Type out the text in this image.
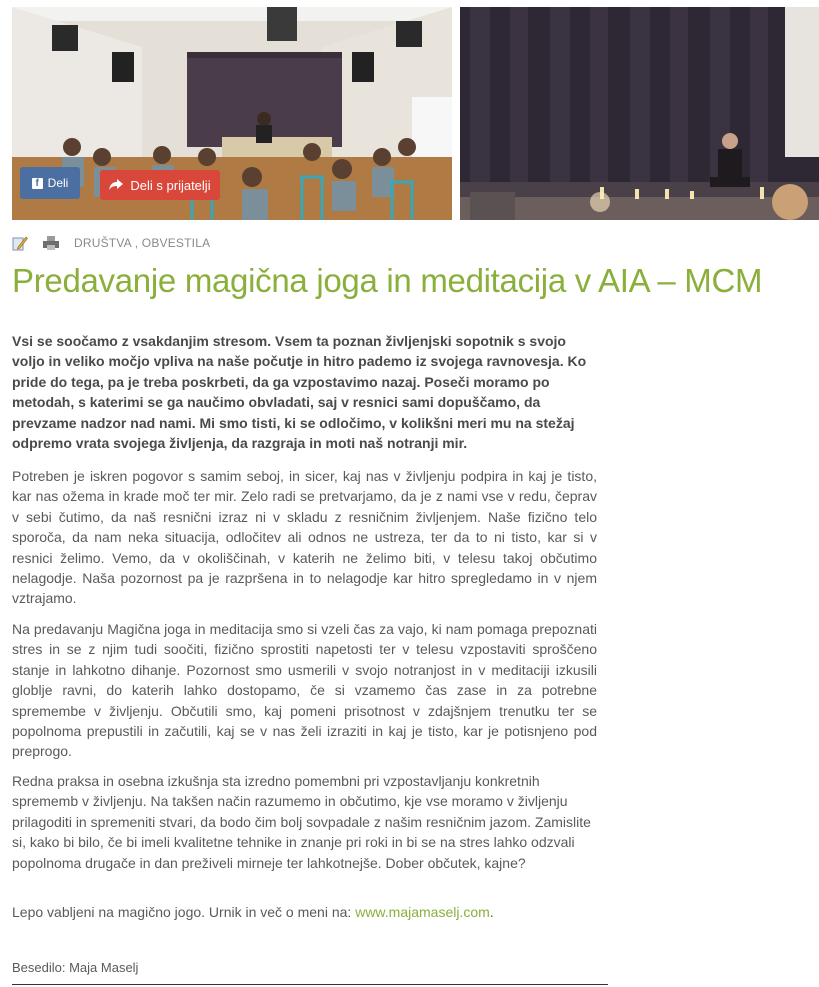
f Deli	Deli s prijatelji
DRUŠTVA , OBVESTILA
Predavanje magična joga in meditacija v AIA – MCM

Vsi se soočamo z vsakdanjim stresom. Vsem ta poznan življenjski sopotnik s svojo voljo in veliko močjo vpliva na naše počutje in hitro pademo iz svojega ravnovesja. Ko pride do tega, pa je treba poskrbeti, da ga vzpostavimo nazaj. Poseči moramo po metodah, s katerimi se ga naučimo obvladati, saj v resnici sami dopuščamo, da prevzame nadzor nad nami. Mi smo tisti, ki se odločimo, v kolikšni meri mu na stežaj odpremo vrata svojega življenja, da razgraja in moti naš notranji mir.

Potreben je iskren pogovor s samim seboj, in sicer, kaj nas v življenju podpira in kaj je tisto, kar nas ožema in krade moč ter mir. Zelo radi se pretvarjamo, da je z nami vse v redu, čeprav v sebi čutimo, da naš resnični izraz ni v skladu z resničnim življenjem. Naše fizično telo sporoča, da nam neka situacija, odločitev ali odnos ne ustreza, ter da to ni tisto, kar si v resnici želimo. Vemo, da v okoliščinah, v katerih ne želimo biti, v telesu takoj občutimo nelagodje. Naša pozornost pa je razpršena in to nelagodje kar hitro spregledamo in v njem vztrajamo.

Na predavanju Magična joga in meditacija smo si vzeli čas za vajo, ki nam pomaga prepoznati stres in se z njim tudi soočiti, fizično sprostiti napetosti ter v telesu vzpostaviti sproščeno stanje in lahkotno dihanje. Pozornost smo usmerili v svojo notranjost in v meditaciji izkusili globlje ravni, do katerih lahko dostopamo, če si vzamemo čas zase in za potrebne spremembe v življenju. Občutili smo, kaj pomeni prisotnost v zdajšnjem trenutku ter se popolnoma prepustili in začutili, kaj se v nas želi izraziti in kaj je tisto, kar je potisnjeno pod preprogo.

Redna praksa in osebna izkušnja sta izredno pomembni pri vzpostavljanju konkretnih sprememb v življenju. Na takšen način razumemo in občutimo, kje vse moramo v življenju prilagoditi in spremeniti stvari, da bodo čim bolj sovpadale z našim resničnim jazom. Zamislite si, kako bi bilo, če bi imeli kvalitetne tehnike in znanje pri roki in bi se na stres lahko odzvali popolnoma drugače in dan preživeli mirneje ter lahkotnejše. Dober občutek, kajne?

Lepo vabljeni na magično jogo. Urnik in več o meni na: www.majamaselj.com.

Besedilo: Maja Maselj
